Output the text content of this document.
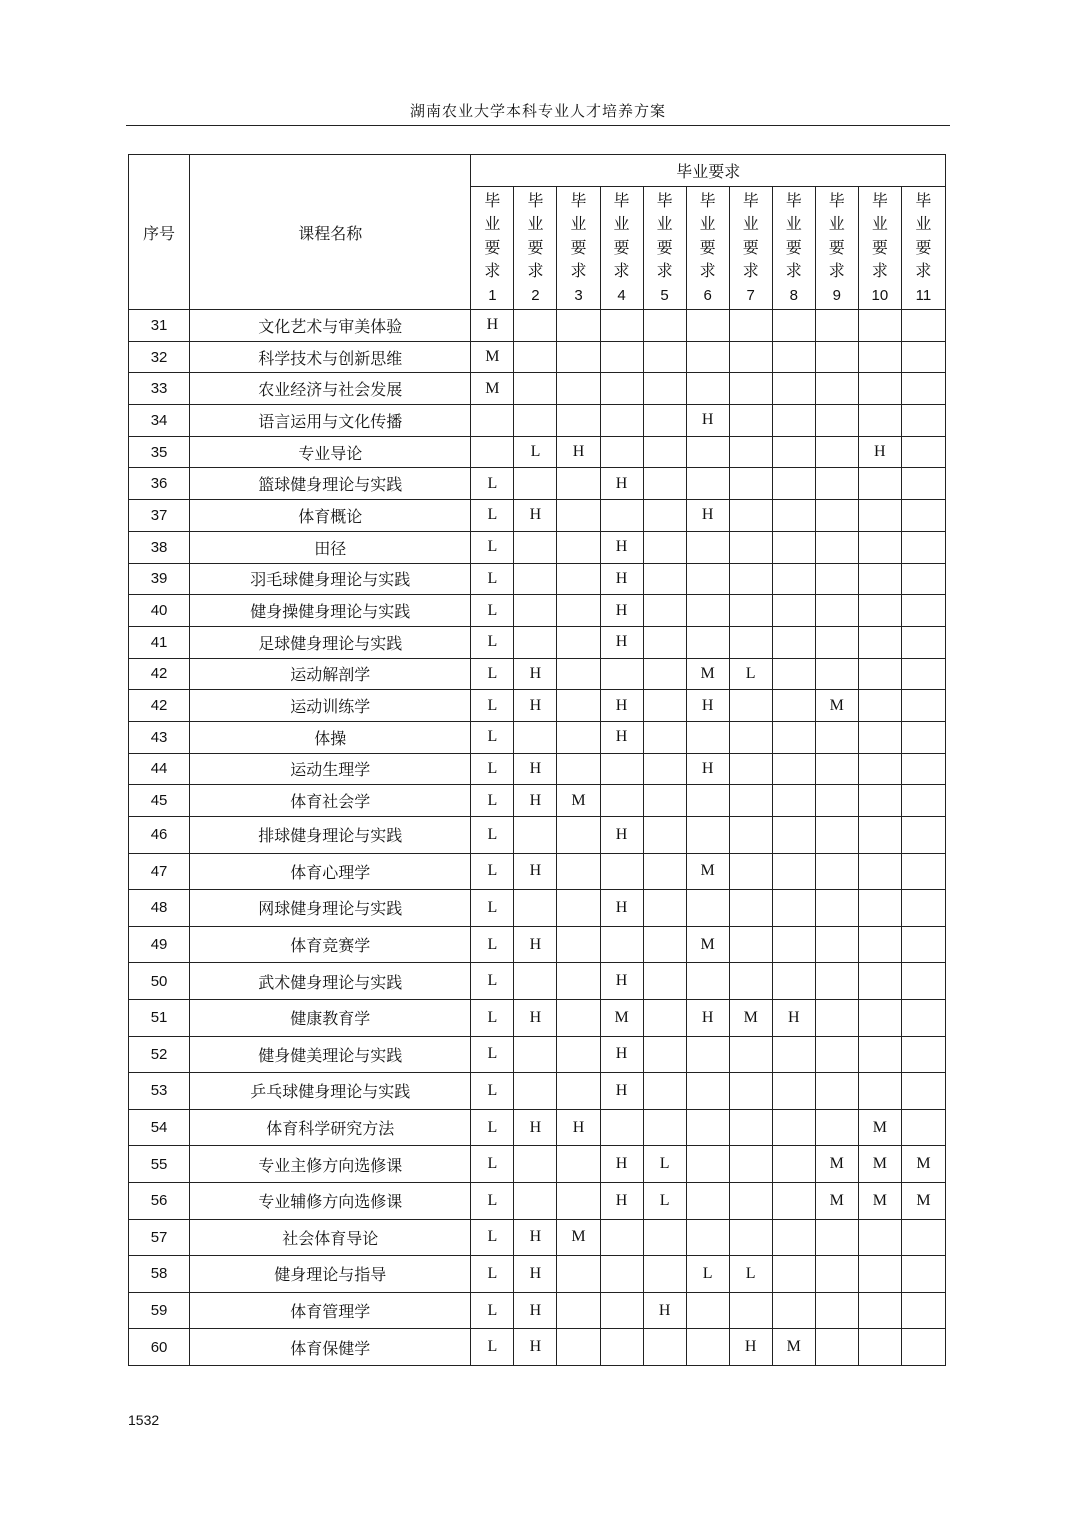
湖南农业大学本科专业人才培养方案
序号	课程名称	毕业要求										
		毕
业
要
求
1	毕
业
要
求
2	毕
业
要
求
3	毕
业
要
求
4	毕
业
要
求
5	毕
业
要
求
6	毕
业
要
求
7	毕
业
要
求
8	毕
业
要
求
9	毕
业
要
求
10	毕
业
要
求
11
31	文化艺术与审美体验	H										
32	科学技术与创新思维	M										
33	农业经济与社会发展	M										
34	语言运用与文化传播						H					
35	专业导论		L	H							H	
36	篮球健身理论与实践	L			H							
37	体育概论	L	H				H					
38	田径	L			H							
39	羽毛球健身理论与实践	L			H							
40	健身操健身理论与实践	L			H							
41	足球健身理论与实践	L			H							
42	运动解剖学	L	H				M	L				
42	运动训练学	L	H		H		H			M		
43	体操	L			H							
44	运动生理学	L	H				H					
45	体育社会学	L	H	M								
46	排球健身理论与实践	L			H							
47	体育心理学	L	H				M					
48	网球健身理论与实践	L			H							
49	体育竞赛学	L	H				M					
50	武术健身理论与实践	L			H							
51	健康教育学	L	H		M		H	M	H			
52	健身健美理论与实践	L			H							
53	乒乓球健身理论与实践	L			H							
54	体育科学研究方法	L	H	H							M	
55	专业主修方向选修课	L			H	L				M	M	M
56	专业辅修方向选修课	L			H	L				M	M	M
57	社会体育导论	L	H	M								
58	健身理论与指导	L	H				L	L				
59	体育管理学	L	H			H						
60	体育保健学	L	H					H	M			
1532
